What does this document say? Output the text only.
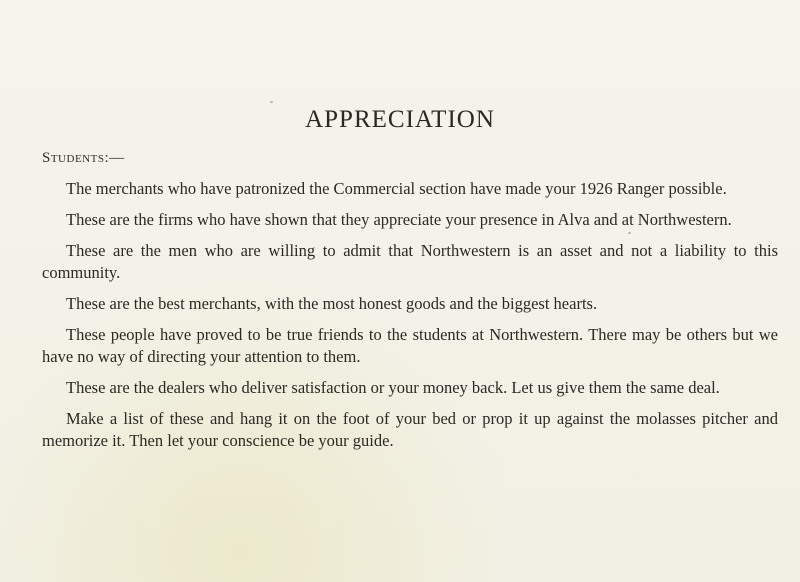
APPRECIATION
Students:—

The merchants who have patronized the Commercial section have made your 1926 Ranger possible.

These are the firms who have shown that they appreciate your presence in Alva and at Northwestern.

These are the men who are willing to admit that Northwestern is an asset and not a liability to this community.

These are the best merchants, with the most honest goods and the biggest hearts.

These people have proved to be true friends to the students at Northwestern. There may be others but we have no way of directing your attention to them.

These are the dealers who deliver satisfaction or your money back. Let us give them the same deal.

Make a list of these and hang it on the foot of your bed or prop it up against the molasses pitcher and memorize it. Then let your conscience be your guide.
